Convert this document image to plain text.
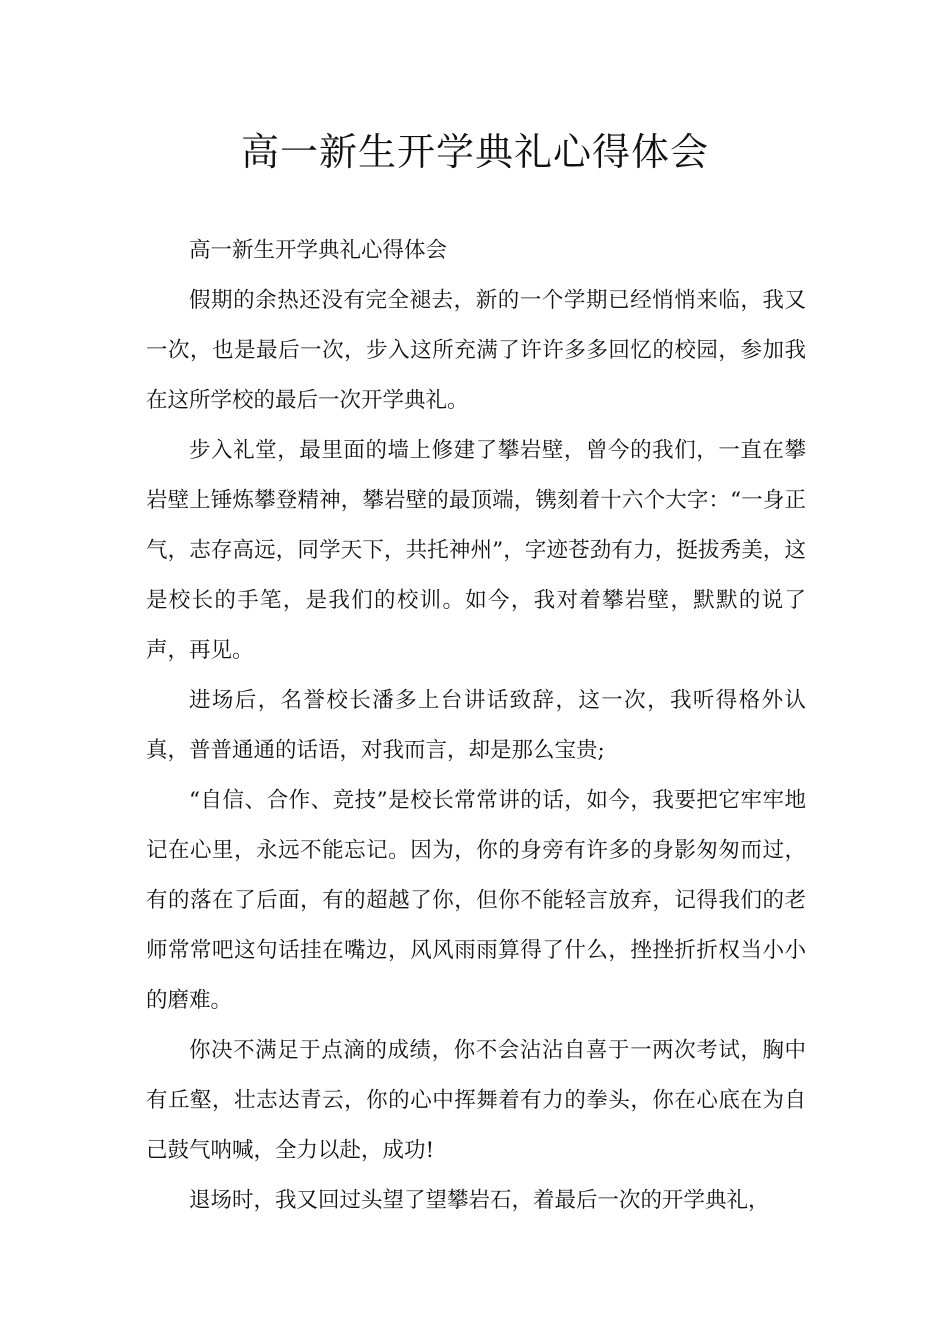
高一新生开学典礼心得体会

高一新生开学典礼心得体会

假期的余热还没有完全褪去，新的一个学期已经悄悄来临，我又一次，也是最后一次，步入这所充满了许许多多回忆的校园，参加我在这所学校的最后一次开学典礼。

步入礼堂，最里面的墙上修建了攀岩壁，曾今的我们，一直在攀岩壁上锤炼攀登精神，攀岩壁的最顶端，镌刻着十六个大字：“一身正气，志存高远，同学天下，共托神州”，字迹苍劲有力，挺拔秀美，这是校长的手笔，是我们的校训。如今，我对着攀岩壁，默默的说了声，再见。

进场后，名誉校长潘多上台讲话致辞，这一次，我听得格外认真，普普通通的话语，对我而言，却是那么宝贵;

“自信、合作、竞技”是校长常常讲的话，如今，我要把它牢牢地记在心里，永远不能忘记。因为，你的身旁有许多的身影匆匆而过，有的落在了后面，有的超越了你，但你不能轻言放弃，记得我们的老师常常吧这句话挂在嘴边，风风雨雨算得了什么，挫挫折折权当小小的磨难。

你决不满足于点滴的成绩，你不会沾沾自喜于一两次考试，胸中有丘壑，壮志达青云，你的心中挥舞着有力的拳头，你在心底在为自己鼓气呐喊，全力以赴，成功!

退场时，我又回过头望了望攀岩石，着最后一次的开学典礼，
